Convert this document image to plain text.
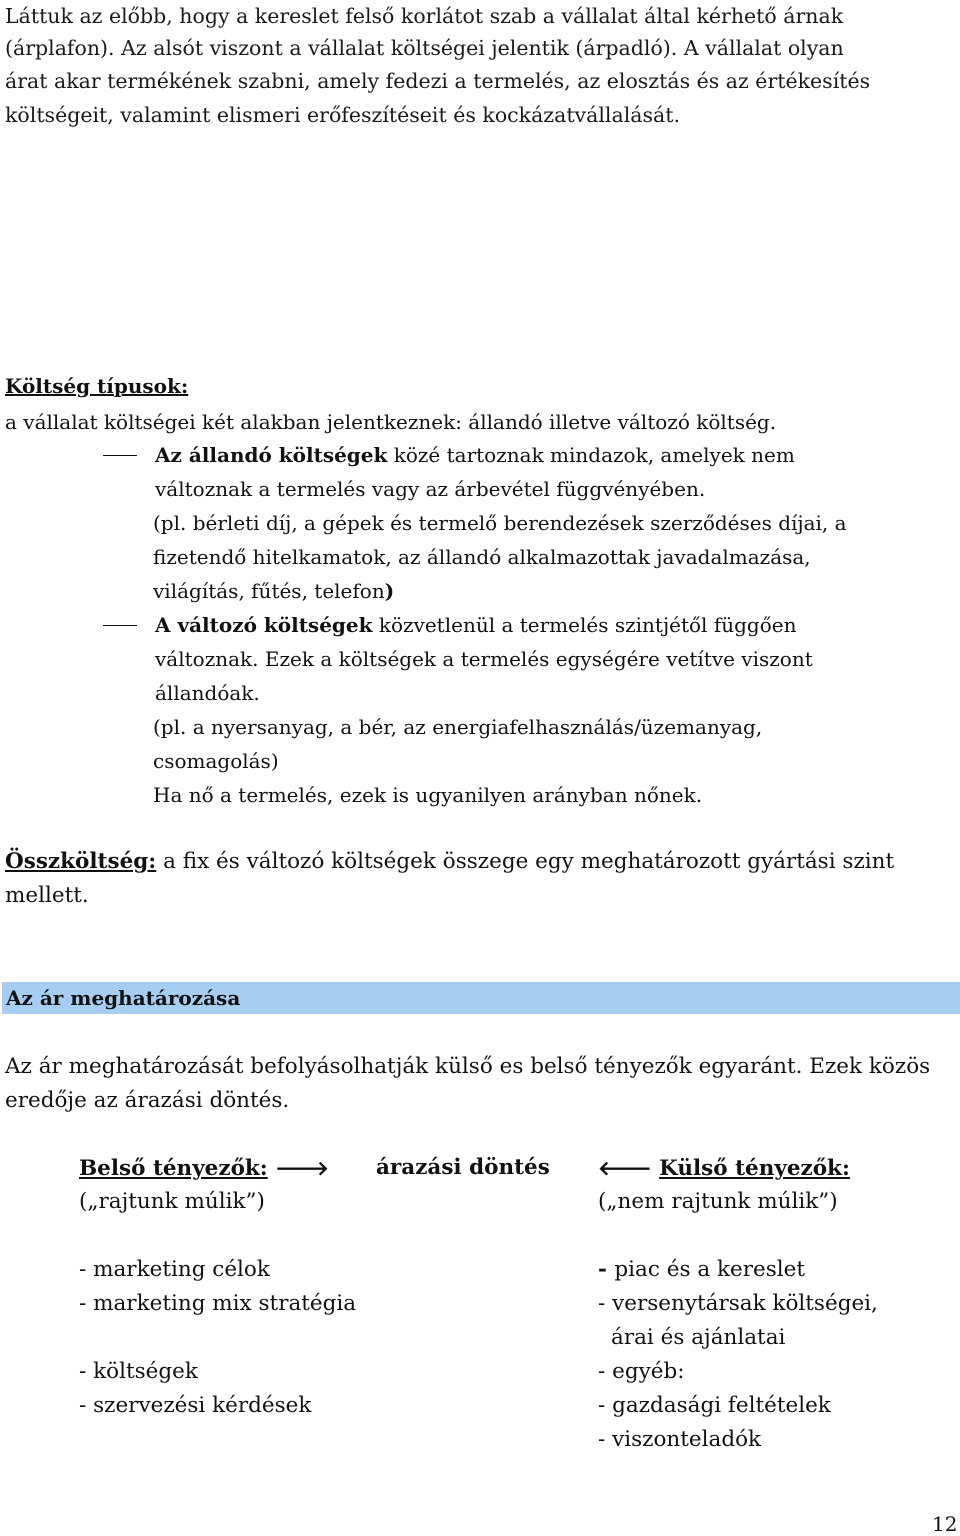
Láttuk az előbb, hogy a kereslet felső korlátot szab a vállalat által kérhető árnak
(árplafon). Az alsót viszont a vállalat költségei jelentik (árpadló). A vállalat olyan
árat akar termékének szabni, amely fedezi a termelés, az elosztás és az értékesítés
költségeit, valamint elismeri erőfeszítéseit és kockázatvállalását.
Költség típusok:
a vállalat költségei két alakban jelentkeznek: állandó illetve változó költség.
Az állandó költségek közé tartoznak mindazok, amelyek nem
változnak a termelés vagy az árbevétel függvényében.
(pl. bérleti díj, a gépek és termelő berendezések szerződéses díjai, a
fizetendő hitelkamatok, az állandó alkalmazottak javadalmazása,
világítás, fűtés, telefon)
A változó költségek közvetlenül a termelés szintjétől függően
változnak. Ezek a költségek a termelés egységére vetítve viszont
állandóak.
(pl. a nyersanyag, a bér, az energiafelhasználás/üzemanyag,
csomagolás)
Ha nő a termelés, ezek is ugyanilyen arányban nőnek.
Összköltség: a fix és változó költségek összege egy meghatározott gyártási szint
mellett.
Az ár meghatározása
Az ár meghatározását befolyásolhatják külső es belső tényezők egyaránt. Ezek közös
eredője az árazási döntés.
Belső tényezők: 🡒 árazási döntés 🡐 Külső tényezők:
(„rajtunk múlik”)	(„nem rajtunk múlik”)
- marketing célok
- marketing mix stratégia
- költségek
- szervezési kérdések
- piac és a kereslet
- versenytársak költségei,
árai és ajánlatai
- egyéb:
- gazdasági feltételek
- viszonteladók
12
